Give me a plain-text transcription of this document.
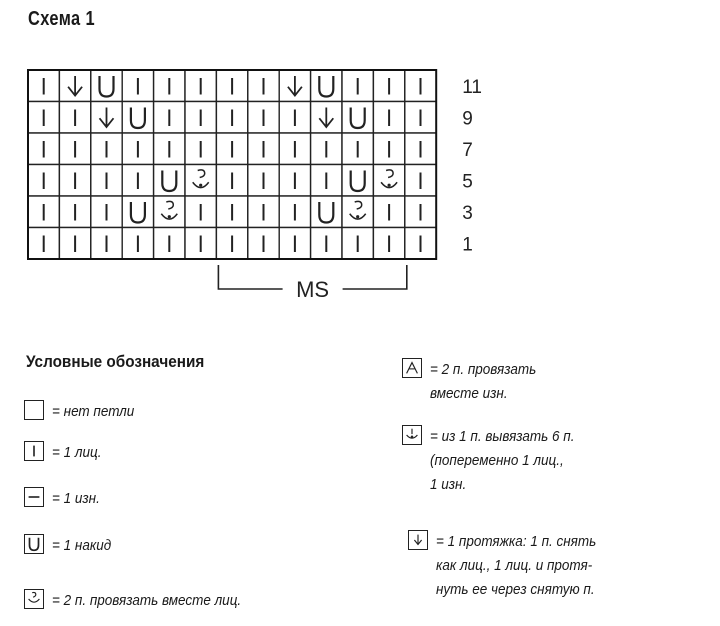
Схема 1
11
9
7
5
3
1
MS
Условные обозначения
= нет петли
= 1 лиц.
= 1 изн.
= 1 накид
= 2 п. провязать вместе лиц.
= 2 п. провязать
вместе изн.
= из 1 п. вывязать 6 п.
(попеременно 1 лиц.,
1 изн.
= 1 протяжка: 1 п. снять
как лиц., 1 лиц. и протя-
нуть ее через снятую п.
